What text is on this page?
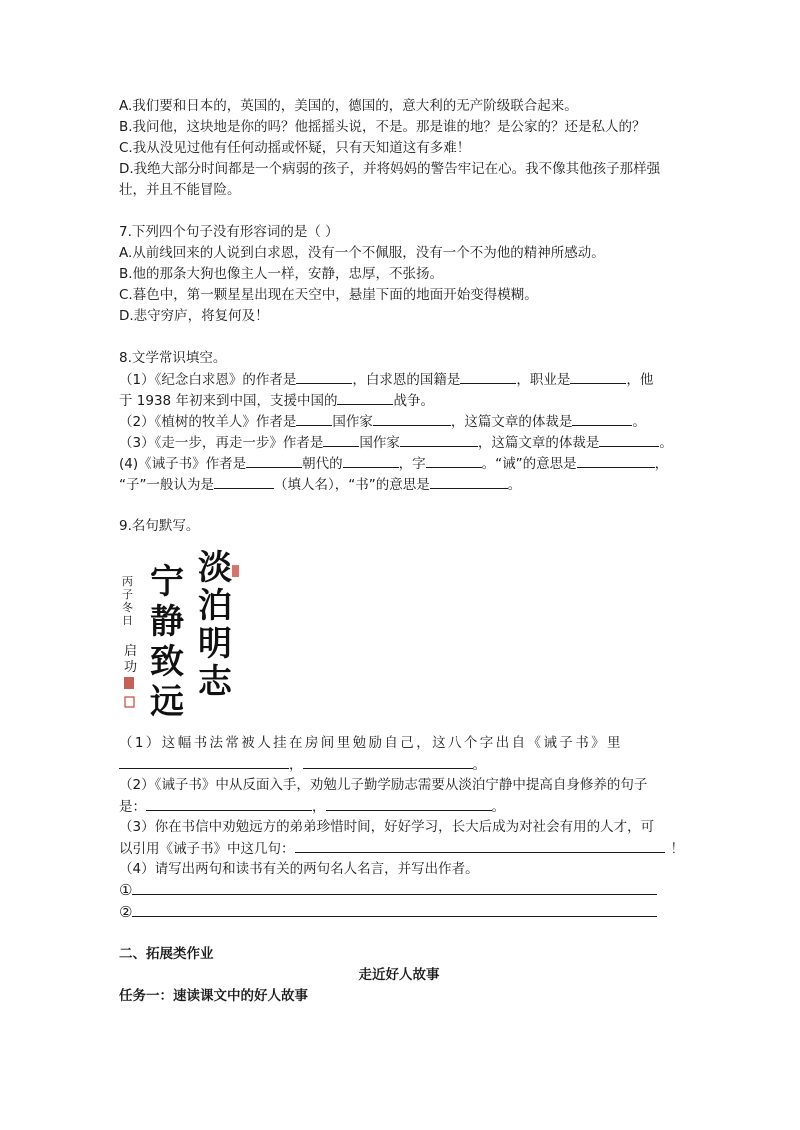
A.我们要和日本的，英国的，美国的，德国的，意大利的无产阶级联合起来。
B.我问他，这块地是你的吗？他摇摇头说，不是。那是谁的地？是公家的？还是私人的？
C.我从没见过他有任何动摇或怀疑，只有天知道这有多难！
D.我绝大部分时间都是一个病弱的孩子，并将妈妈的警告牢记在心。我不像其他孩子那样强
壮，并且不能冒险。
7.下列四个句子没有形容词的是（ ）
A.从前线回来的人说到白求恩，没有一个不佩服，没有一个不为他的精神所感动。
B.他的那条大狗也像主人一样，安静，忠厚，不张扬。
C.暮色中，第一颗星星出现在天空中，悬崖下面的地面开始变得模糊。
D.悲守穷庐，将复何及！
8.文学常识填空。
（1）《纪念白求恩》的作者是	，白求恩的国籍是	，职业是	，他
于 1938 年初来到中国，支援中国的	战争。
（2）《植树的牧羊人》作者是	国作家	，这篇文章的体裁是	。
（3）《走一步，再走一步》作者是	国作家	，这篇文章的体裁是	。
(4)《诫子书》作者是	朝代的	，字	。“诫”的意思是	，
“子”一般认为是	（填人名），“书”的意思是	。
9.名句默写。
淡
泊
明
志
宁
静
致
远
丙
子
冬
日
启
功
（1）这幅书法常被人挂在房间里勉励自己，这八个字出自《诫子书》里
，	。
（2）《诫子书》中从反面入手，劝勉儿子勤学励志需要从淡泊宁静中提高自身修养的句子
是：	，	。
（3）你在书信中劝勉远方的弟弟珍惜时间，好好学习，长大后成为对社会有用的人才，可
以引用《诫子书》中这几句：	！
（4）请写出两句和读书有关的两句名人名言，并写出作者。
①
②
二、拓展类作业
走近好人故事
任务一：速读课文中的好人故事
